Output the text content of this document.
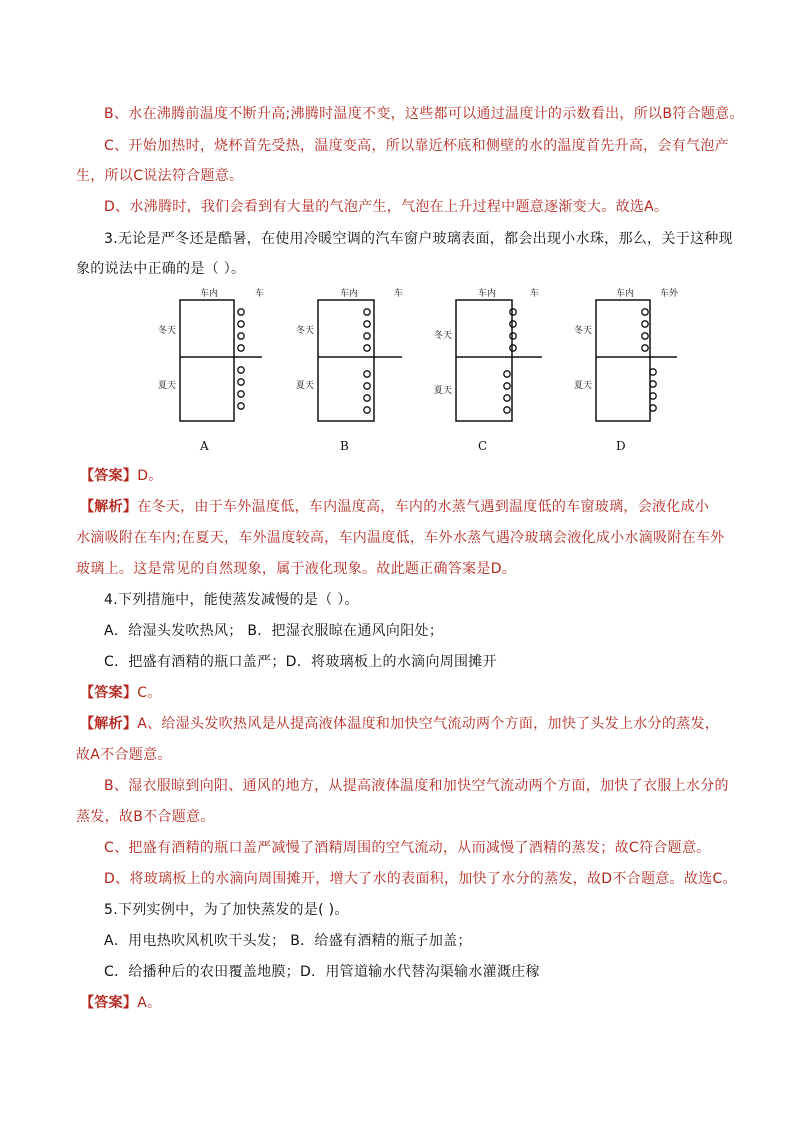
B、水在沸腾前温度不断升高;沸腾时温度不变，这些都可以通过温度计的示数看出，所以B符合题意。
C、开始加热时，烧杯首先受热，温度变高，所以靠近杯底和侧壁的水的温度首先升高，会有气泡产
生，所以C说法符合题意。
D、水沸腾时，我们会看到有大量的气泡产生，气泡在上升过程中题意逐渐变大。故选A。
3.无论是严冬还是酷暑，在使用冷暖空调的汽车窗户玻璃表面，都会出现小水珠，那么，关于这种现
象的说法中正确的是（ ）。
车内	车
冬天
夏天
A
车内	车
冬天
夏天
B
车内	车
冬天
夏天
C
车内	车外
冬天
夏天
D
【答案】D。
【解析】在冬天，由于车外温度低，车内温度高，车内的水蒸气遇到温度低的车窗玻璃，会液化成小
水滴吸附在车内;在夏天，车外温度较高，车内温度低，车外水蒸气遇冷玻璃会液化成小水滴吸附在车外
玻璃上。这是常见的自然现象，属于液化现象。故此题正确答案是D。
4.下列措施中，能使蒸发减慢的是（ ）。
A．给湿头发吹热风； B．把湿衣服晾在通风向阳处；
C．把盛有酒精的瓶口盖严；D．将玻璃板上的水滴向周围摊开
【答案】C。
【解析】A、给湿头发吹热风是从提高液体温度和加快空气流动两个方面，加快了头发上水分的蒸发，
故A不合题意。
B、湿衣服晾到向阳、通风的地方，从提高液体温度和加快空气流动两个方面，加快了衣服上水分的
蒸发，故B不合题意。
C、把盛有酒精的瓶口盖严减慢了酒精周围的空气流动，从而减慢了酒精的蒸发；故C符合题意。
D、将玻璃板上的水滴向周围摊开，增大了水的表面积，加快了水分的蒸发，故D不合题意。故选C。
5.下列实例中，为了加快蒸发的是( )。
A．用电热吹风机吹干头发； B．给盛有酒精的瓶子加盖；
C．给播种后的农田覆盖地膜；D．用管道输水代替沟渠输水灌溉庄稼
【答案】A。
